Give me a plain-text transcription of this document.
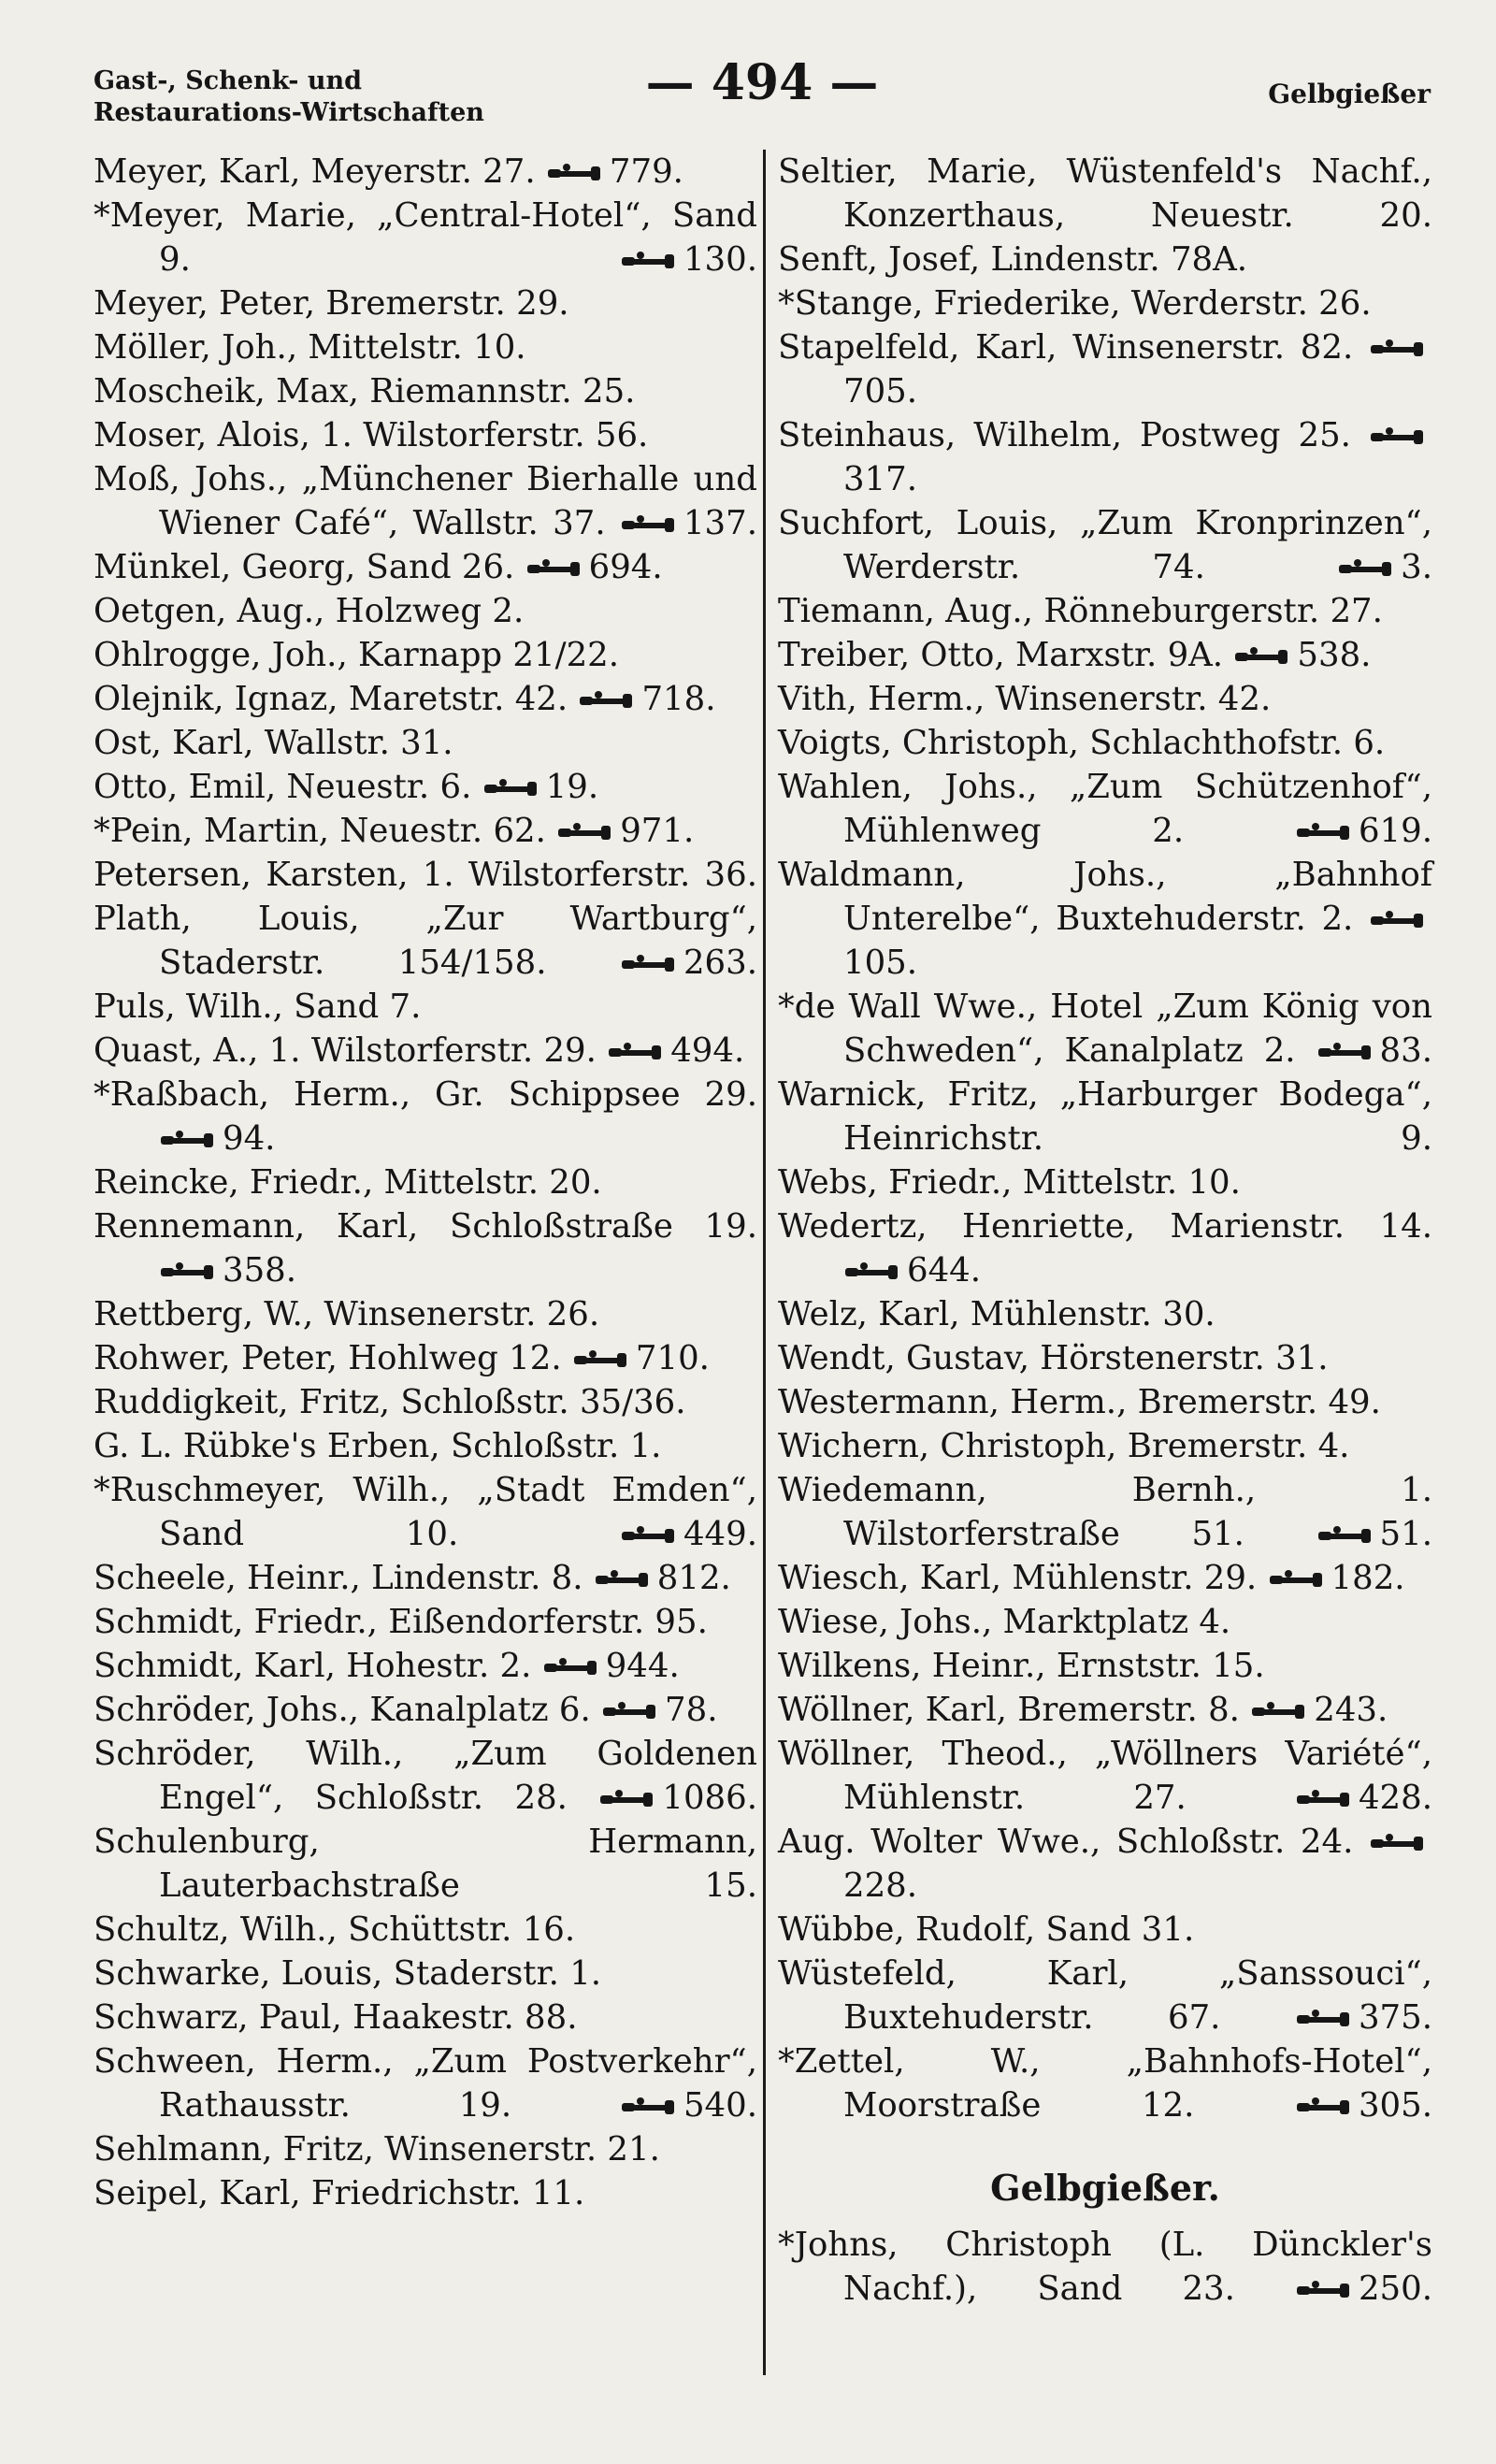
Gast-, Schenk- und
Restaurations-Wirtschaften
— 494 —	Gelbgießer
Meyer, Karl, Meyerstr. 27. 779.
*Meyer, Marie, „Central-Hotel“, Sand 9. 130.
Meyer, Peter, Bremerstr. 29.
Möller, Joh., Mittelstr. 10.
Moscheik, Max, Riemannstr. 25.
Moser, Alois, 1. Wilstorferstr. 56.
Moß, Johs., „Münchener Bierhalle und Wiener Café“, Wallstr. 37. 137.
Münkel, Georg, Sand 26. 694.
Oetgen, Aug., Holzweg 2.
Ohlrogge, Joh., Karnapp 21/22.
Olejnik, Ignaz, Maretstr. 42. 718.
Ost, Karl, Wallstr. 31.
Otto, Emil, Neuestr. 6. 19.
*Pein, Martin, Neuestr. 62. 971.
Petersen, Karsten, 1. Wilstorferstr. 36.
Plath, Louis, „Zur Wartburg“, Staderstr. 154/158. 263.
Puls, Wilh., Sand 7.
Quast, A., 1. Wilstorferstr. 29. 494.
*Raßbach, Herm., Gr. Schippsee 29. 94.
Reincke, Friedr., Mittelstr. 20.
Rennemann, Karl, Schloßstraße 19. 358.
Rettberg, W., Winsenerstr. 26.
Rohwer, Peter, Hohlweg 12. 710.
Ruddigkeit, Fritz, Schloßstr. 35/36.
G. L. Rübke's Erben, Schloßstr. 1.
*Ruschmeyer, Wilh., „Stadt Emden“, Sand 10. 449.
Scheele, Heinr., Lindenstr. 8. 812.
Schmidt, Friedr., Eißendorferstr. 95.
Schmidt, Karl, Hohestr. 2. 944.
Schröder, Johs., Kanalplatz 6. 78.
Schröder, Wilh., „Zum Goldenen Engel“, Schloßstr. 28. 1086.
Schulenburg, Hermann, Lauterbachstraße 15.
Schultz, Wilh., Schüttstr. 16.
Schwarke, Louis, Staderstr. 1.
Schwarz, Paul, Haakestr. 88.
Schween, Herm., „Zum Postverkehr“, Rathausstr. 19. 540.
Sehlmann, Fritz, Winsenerstr. 21.
Seipel, Karl, Friedrichstr. 11.
Seltier, Marie, Wüstenfeld's Nachf., Konzerthaus, Neuestr. 20.
Senft, Josef, Lindenstr. 78A.
*Stange, Friederike, Werderstr. 26.
Stapelfeld, Karl, Winsenerstr. 82. 705.
Steinhaus, Wilhelm, Postweg 25. 317.
Suchfort, Louis, „Zum Kronprinzen“, Werderstr. 74. 3.
Tiemann, Aug., Rönneburgerstr. 27.
Treiber, Otto, Marxstr. 9A. 538.
Vith, Herm., Winsenerstr. 42.
Voigts, Christoph, Schlachthofstr. 6.
Wahlen, Johs., „Zum Schützenhof“, Mühlenweg 2. 619.
Waldmann, Johs., „Bahnhof Unterelbe“, Buxtehuderstr. 2. 105.
*de Wall Wwe., Hotel „Zum König von Schweden“, Kanalplatz 2. 83.
Warnick, Fritz, „Harburger Bodega“, Heinrichstr. 9.
Webs, Friedr., Mittelstr. 10.
Wedertz, Henriette, Marienstr. 14. 644.
Welz, Karl, Mühlenstr. 30.
Wendt, Gustav, Hörstenerstr. 31.
Westermann, Herm., Bremerstr. 49.
Wichern, Christoph, Bremerstr. 4.
Wiedemann, Bernh., 1. Wilstorferstraße 51. 51.
Wiesch, Karl, Mühlenstr. 29. 182.
Wiese, Johs., Marktplatz 4.
Wilkens, Heinr., Ernststr. 15.
Wöllner, Karl, Bremerstr. 8. 243.
Wöllner, Theod., „Wöllners Variété“, Mühlenstr. 27. 428.
Aug. Wolter Wwe., Schloßstr. 24. 228.
Wübbe, Rudolf, Sand 31.
Wüstefeld, Karl, „Sanssouci“, Buxtehuderstr. 67. 375.
*Zettel, W., „Bahnhofs-Hotel“, Moorstraße 12. 305.
Gelbgießer.
*Johns, Christoph (L. Dünckler's Nachf.), Sand 23. 250.
